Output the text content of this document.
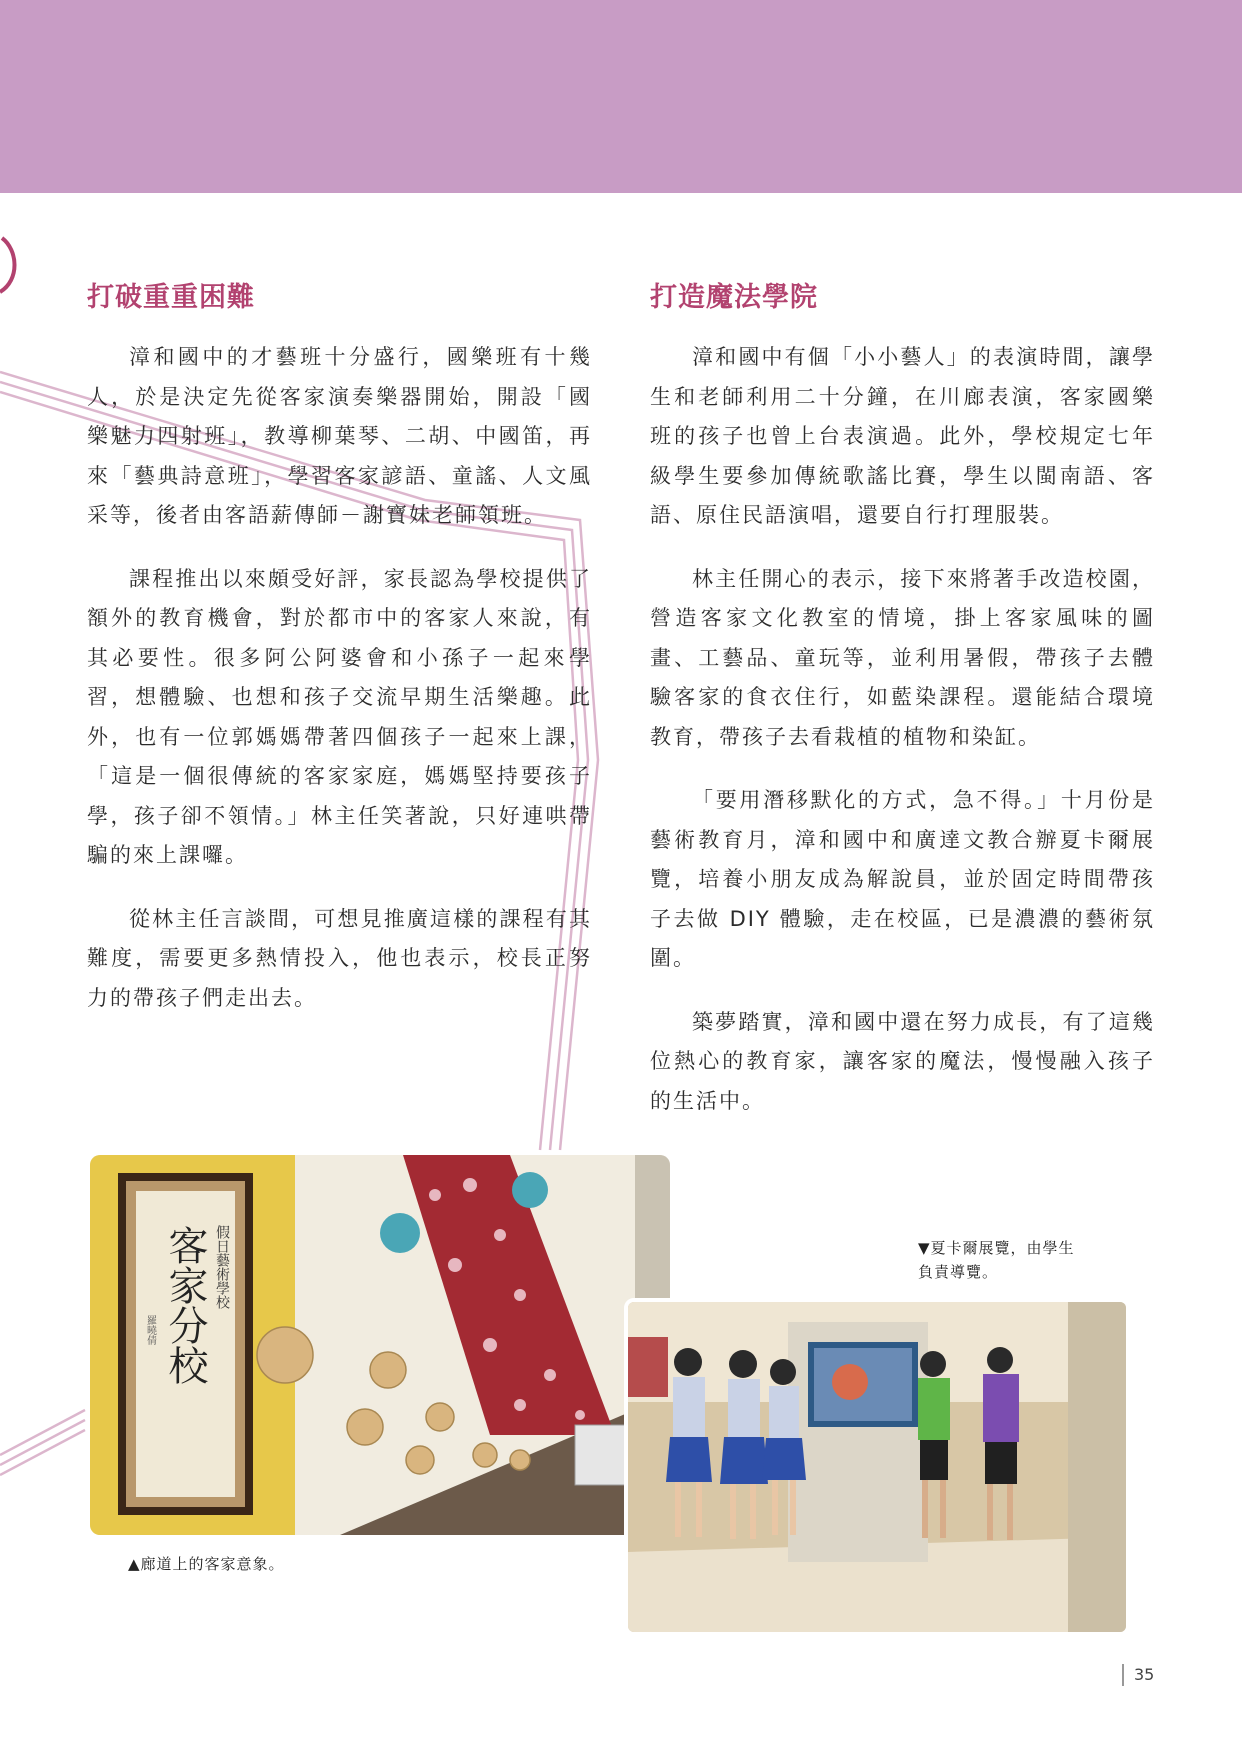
打破重重困難

漳和國中的才藝班十分盛行，國樂班有十幾人，於是決定先從客家演奏樂器開始，開設「國樂魅力四射班」，教導柳葉琴、二胡、中國笛，再來「藝典詩意班」，學習客家諺語、童謠、人文風采等，後者由客語薪傳師－謝寶妹老師領班。

課程推出以來頗受好評，家長認為學校提供了額外的教育機會，對於都市中的客家人來說，有其必要性。很多阿公阿婆會和小孫子一起來學習，想體驗、也想和孩子交流早期生活樂趣。此外，也有一位郭媽媽帶著四個孩子一起來上課，「這是一個很傳統的客家家庭，媽媽堅持要孩子學，孩子卻不領情。」林主任笑著說，只好連哄帶騙的來上課囉。

從林主任言談間，可想見推廣這樣的課程有其難度，需要更多熱情投入，他也表示，校長正努力的帶孩子們走出去。

打造魔法學院

漳和國中有個「小小藝人」的表演時間，讓學生和老師利用二十分鐘，在川廊表演，客家國樂班的孩子也曾上台表演過。此外，學校規定七年級學生要參加傳統歌謠比賽，學生以閩南語、客語、原住民語演唱，還要自行打理服裝。

林主任開心的表示，接下來將著手改造校園，營造客家文化教室的情境，掛上客家風味的圖畫、工藝品、童玩等，並利用暑假，帶孩子去體驗客家的食衣住行，如藍染課程。還能結合環境教育，帶孩子去看栽植的植物和染缸。

「要用潛移默化的方式，急不得。」十月份是藝術教育月，漳和國中和廣達文教合辦夏卡爾展覽，培養小朋友成為解說員，並於固定時間帶孩子去做 DIY 體驗，走在校區，已是濃濃的藝術氛圍。

築夢踏實，漳和國中還在努力成長，有了這幾位熱心的教育家，讓客家的魔法，慢慢融入孩子的生活中。

客家分校 假日藝術學校
羅曉倩
▲廊道上的客家意象。
▼夏卡爾展覽，由學生
負責導覽。
35
